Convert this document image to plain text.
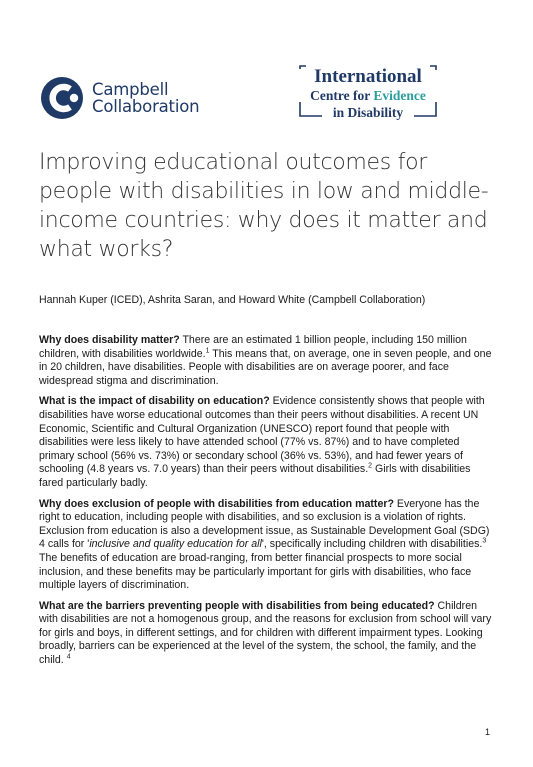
Campbell
Collaboration
International
Centre for Evidence
in Disability
Improving educational outcomes for people with disabilities in low and middle-income countries: why does it matter and what works?
Hannah Kuper (ICED), Ashrita Saran, and Howard White (Campbell Collaboration)

Why does disability matter? There are an estimated 1 billion people, including 150 million children, with disabilities worldwide.$^1$ This means that, on average, one in seven people, and one in 20 children, have disabilities. People with disabilities are on average poorer, and face widespread stigma and discrimination.

What is the impact of disability on education? Evidence consistently shows that people with disabilities have worse educational outcomes than their peers without disabilities. A recent UN Economic, Scientific and Cultural Organization (UNESCO) report found that people with disabilities were less likely to have attended school (77% vs. 87%) and to have completed primary school (56% vs. 73%) or secondary school (36% vs. 53%), and had fewer years of schooling (4.8 years vs. 7.0 years) than their peers without disabilities.$^2$ Girls with disabilities fared particularly badly.

Why does exclusion of people with disabilities from education matter? Everyone has the right to education, including people with disabilities, and so exclusion is a violation of rights. Exclusion from education is also a development issue, as Sustainable Development Goal (SDG) 4 calls for 'inclusive and quality education for all', specifically including children with disabilities.$^3$ The benefits of education are broad-ranging, from better financial prospects to more social inclusion, and these benefits may be particularly important for girls with disabilities, who face multiple layers of discrimination.

What are the barriers preventing people with disabilities from being educated? Children with disabilities are not a homogenous group, and the reasons for exclusion from school will vary for girls and boys, in different settings, and for children with different impairment types. Looking broadly, barriers can be experienced at the level of the system, the school, the family, and the child. $^4$

1
